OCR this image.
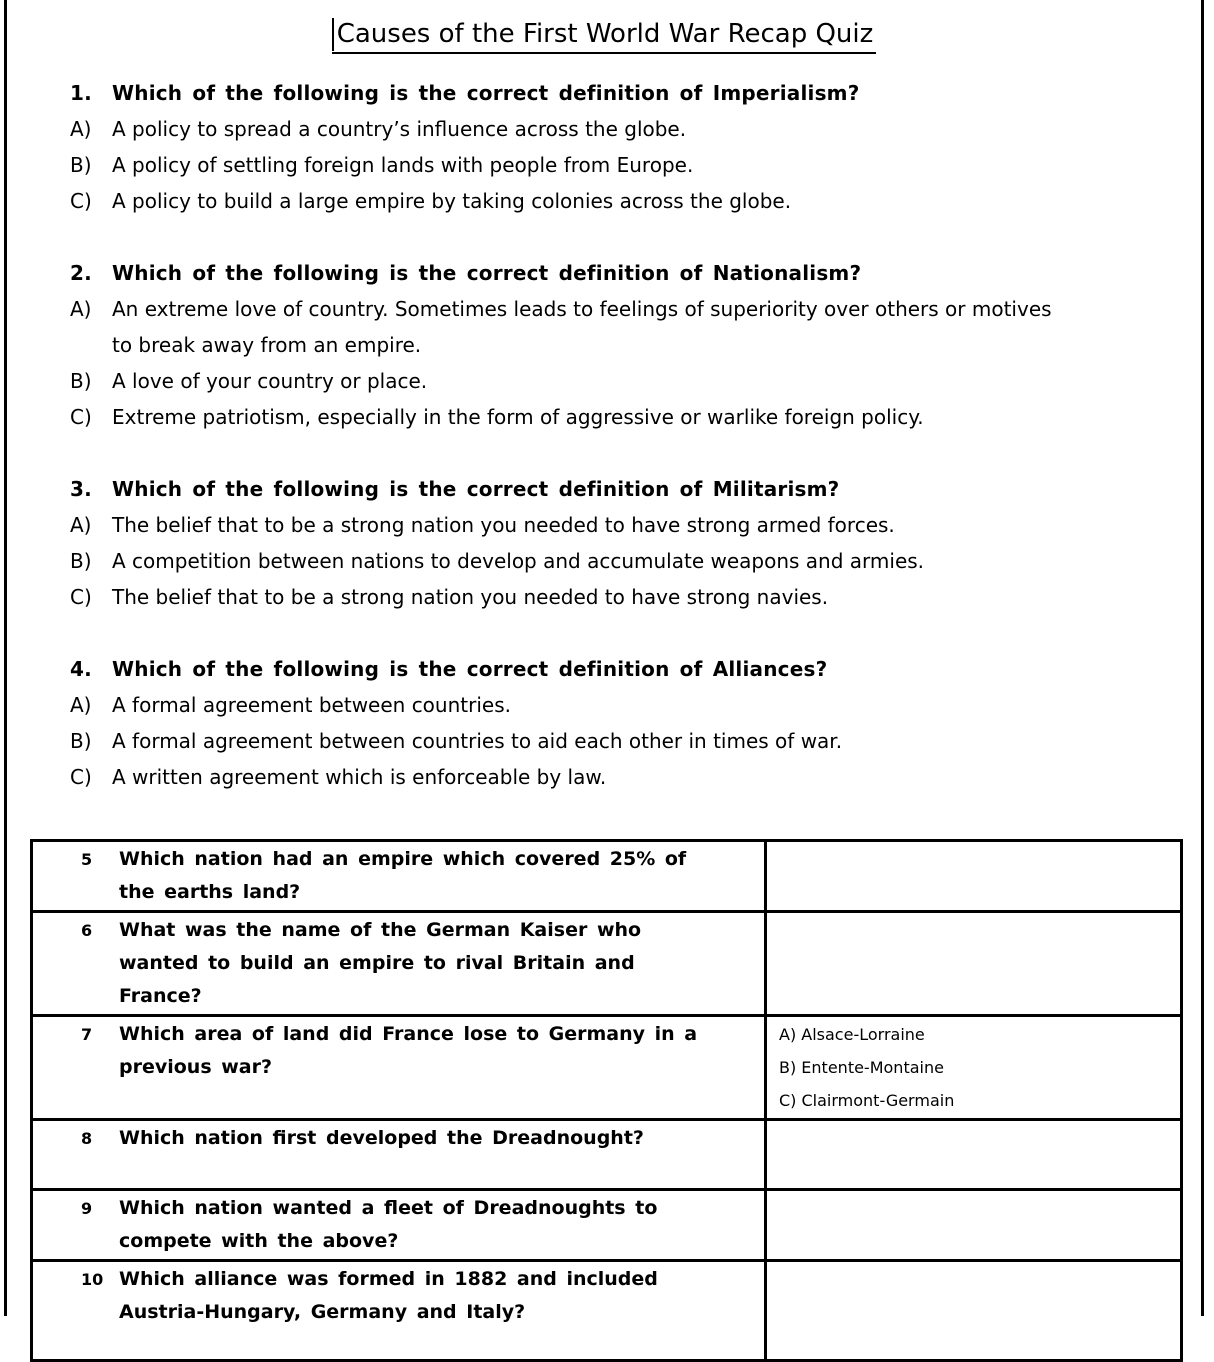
Causes of the First World War Recap Quiz
1.	Which of the following is the correct definition of Imperialism?
A)	A policy to spread a country’s influence across the globe.
B)	A policy of settling foreign lands with people from Europe.
C)	A policy to build a large empire by taking colonies across the globe.
2.	Which of the following is the correct definition of Nationalism?
A)	An extreme love of country. Sometimes leads to feelings of superiority over others or motives
to break away from an empire.
B)	A love of your country or place.
C)	Extreme patriotism, especially in the form of aggressive or warlike foreign policy.
3.	Which of the following is the correct definition of Militarism?
A)	The belief that to be a strong nation you needed to have strong armed forces.
B)	A competition between nations to develop and accumulate weapons and armies.
C)	The belief that to be a strong nation you needed to have strong navies.
4.	Which of the following is the correct definition of Alliances?
A)	A formal agreement between countries.
B)	A formal agreement between countries to aid each other in times of war.
C)	A written agreement which is enforceable by law.
5 Which nation had an empire which covered 25% of
the earths land?	

6 What was the name of the German Kaiser who
wanted to build an empire to rival Britain and
France?	

7 Which area of land did France lose to Germany in a
previous war?	A) Alsace-Lorraine
B) Entente-Montaine
C) Clairmont-Germain

8 Which nation first developed the Dreadnought?	

9 Which nation wanted a fleet of Dreadnoughts to
compete with the above?	

10 Which alliance was formed in 1882 and included
Austria-Hungary, Germany and Italy?	
